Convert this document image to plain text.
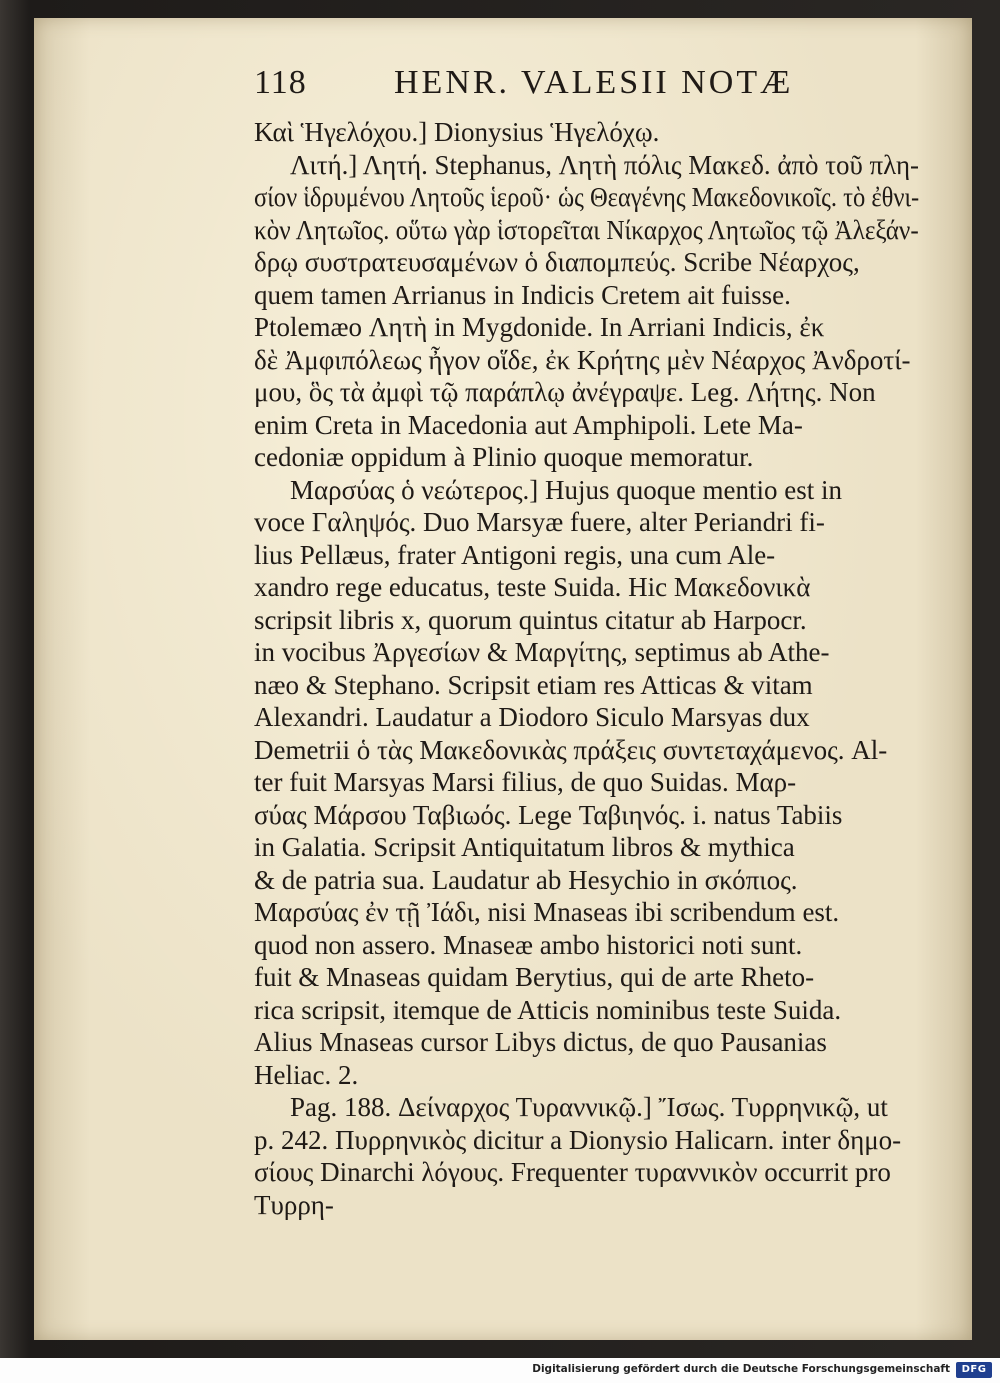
118	HENR. VALESII NOTÆ
Καὶ Ἡγελόχου.] Dionysius Ἡγελόχῳ.
Λιτή.] Λητή. Stephanus, Λητὴ πόλις Μακεδ. ἀπὸ τοῦ πλη-
σίον ἱδρυμένου Λητοῦς ἱεροῦ· ὡς Θεαγένης Μακεδονικοῖς. τὸ ἐθνι-
κὸν Λητωῖος. οὕτω γὰρ ἱστορεῖται Νίκαρχος Λητωῖος τῷ Ἀλεξάν-
δρῳ συστρατευσαμένων ὁ διαπομπεύς. Scribe Νέαρχος,
quem tamen Arrianus in Indicis Cretem ait fuisse.
Ptolemæo Λητὴ in Mygdonide. In Arriani Indicis, ἐκ
δὲ Ἀμφιπόλεως ἦγον οἵδε, ἐκ Κρήτης μὲν Νέαρχος Ἀνδροτί-
μου, ὃς τὰ ἀμφὶ τῷ παράπλῳ ἀνέγραψε. Leg. Λήτης. Non
enim Creta in Macedonia aut Amphipoli. Lete Ma-
cedoniæ oppidum à Plinio quoque memoratur.
Μαρσύας ὁ νεώτερος.] Hujus quoque mentio est in
voce Γαληψός. Duo Marsyæ fuere, alter Periandri fi-
lius Pellæus, frater Antigoni regis, una cum Ale-
xandro rege educatus, teste Suida. Hic Μακεδονικὰ
scripsit libris x, quorum quintus citatur ab Harpocr.
in vocibus Ἀργεσίων & Μαργίτης, septimus ab Athe-
næo & Stephano. Scripsit etiam res Atticas & vitam
Alexandri. Laudatur a Diodoro Siculo Marsyas dux
Demetrii ὁ τὰς Μακεδονικὰς πράξεις συντεταχάμενος. Al-
ter fuit Marsyas Marsi filius, de quo Suidas. Μαρ-
σύας Μάρσου Ταβιωός. Lege Ταβιηνός. i. natus Tabiis
in Galatia. Scripsit Antiquitatum libros & mythica
& de patria sua. Laudatur ab Hesychio in σκόπιος.
Μαρσύας ἐν τῇ Ἰάδι, nisi Mnaseas ibi scribendum est.
quod non assero. Mnaseæ ambo historici noti sunt.
fuit & Mnaseas quidam Berytius, qui de arte Rheto-
rica scripsit, itemque de Atticis nominibus teste Suida.
Alius Mnaseas cursor Libys dictus, de quo Pausanias
Heliac. 2.
Pag. 188. Δείναρχος Τυραννικῷ.] Ἴσως. Τυρρηνικῷ, ut
p. 242. Πυρρηνικὸς dicitur a Dionysio Halicarn. inter δημο-
σίους Dinarchi λόγους. Frequenter τυραννικὸν occurrit pro
Τυρρη-
Digitalisierung gefördert durch die Deutsche Forschungsgemeinschaft	DFG
